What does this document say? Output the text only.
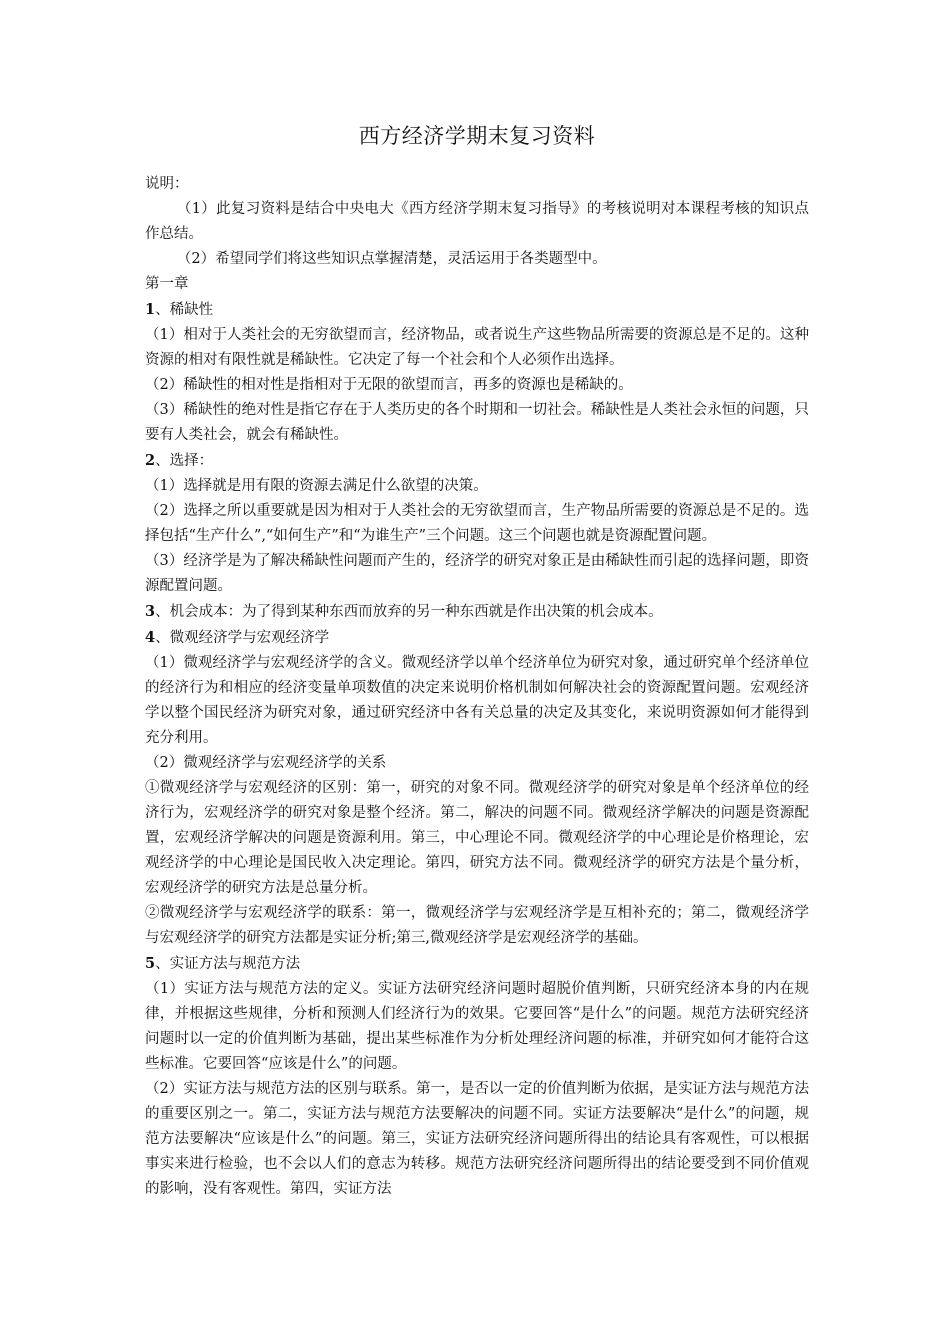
西方经济学期末复习资料

说明：

（1）此复习资料是结合中央电大《西方经济学期末复习指导》的考核说明对本课程考核的知识点作总结。

（2）希望同学们将这些知识点掌握清楚，灵活运用于各类题型中。

第一章

1、稀缺性

（1）相对于人类社会的无穷欲望而言，经济物品，或者说生产这些物品所需要的资源总是不足的。这种资源的相对有限性就是稀缺性。它决定了每一个社会和个人必须作出选择。

（2）稀缺性的相对性是指相对于无限的欲望而言，再多的资源也是稀缺的。

（3）稀缺性的绝对性是指它存在于人类历史的各个时期和一切社会。稀缺性是人类社会永恒的问题，只要有人类社会，就会有稀缺性。

2、选择：

（1）选择就是用有限的资源去满足什么欲望的决策。

（2）选择之所以重要就是因为相对于人类社会的无穷欲望而言，生产物品所需要的资源总是不足的。选择包括“生产什么”,“如何生产”和“为谁生产”三个问题。这三个问题也就是资源配置问题。

（3）经济学是为了解决稀缺性问题而产生的，经济学的研究对象正是由稀缺性而引起的选择问题，即资源配置问题。

3、机会成本：为了得到某种东西而放弃的另一种东西就是作出决策的机会成本。

4、微观经济学与宏观经济学

（1）微观经济学与宏观经济学的含义。微观经济学以单个经济单位为研究对象，通过研究单个经济单位的经济行为和相应的经济变量单项数值的决定来说明价格机制如何解决社会的资源配置问题。宏观经济学以整个国民经济为研究对象，通过研究经济中各有关总量的决定及其变化，来说明资源如何才能得到充分利用。

（2）微观经济学与宏观经济学的关系

①微观经济学与宏观经济的区别：第一，研究的对象不同。微观经济学的研究对象是单个经济单位的经济行为，宏观经济学的研究对象是整个经济。第二，解决的问题不同。微观经济学解决的问题是资源配置，宏观经济学解决的问题是资源利用。第三，中心理论不同。微观经济学的中心理论是价格理论，宏观经济学的中心理论是国民收入决定理论。第四，研究方法不同。微观经济学的研究方法是个量分析，宏观经济学的研究方法是总量分析。

②微观经济学与宏观经济学的联系：第一，微观经济学与宏观经济学是互相补充的；第二，微观经济学与宏观经济学的研究方法都是实证分析;第三,微观经济学是宏观经济学的基础。

5、实证方法与规范方法

（1）实证方法与规范方法的定义。实证方法研究经济问题时超脱价值判断，只研究经济本身的内在规律，并根据这些规律，分析和预测人们经济行为的效果。它要回答“是什么”的问题。规范方法研究经济问题时以一定的价值判断为基础，提出某些标准作为分析处理经济问题的标准，并研究如何才能符合这些标准。它要回答“应该是什么”的问题。

（2）实证方法与规范方法的区别与联系。第一，是否以一定的价值判断为依据，是实证方法与规范方法的重要区别之一。第二，实证方法与规范方法要解决的问题不同。实证方法要解决“是什么”的问题，规范方法要解决“应该是什么”的问题。第三，实证方法研究经济问题所得出的结论具有客观性，可以根据事实来进行检验，也不会以人们的意志为转移。规范方法研究经济问题所得出的结论要受到不同价值观的影响，没有客观性。第四，实证方法
